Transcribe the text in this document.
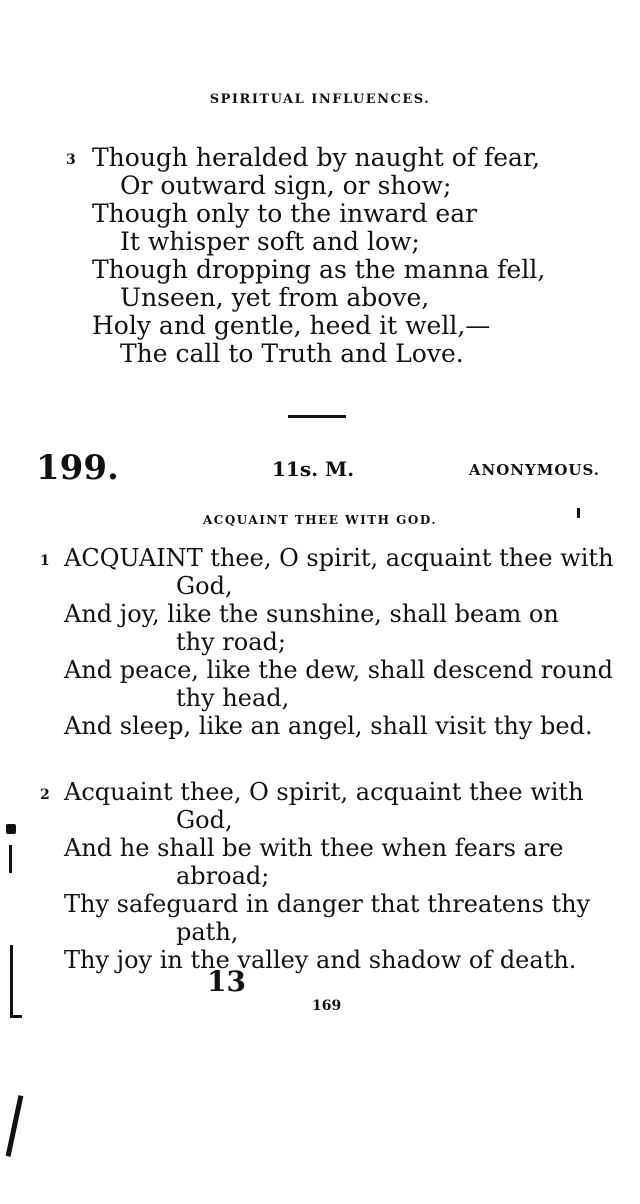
SPIRITUAL INFLUENCES.
3 Though heralded by naught of fear,
Or outward sign, or show;
Though only to the inward ear
It whisper soft and low;
Though dropping as the manna fell,
Unseen, yet from above,
Holy and gentle, heed it well,—
The call to Truth and Love.
199.	11s. M.	ANONYMOUS.
ACQUAINT THEE WITH GOD.
1 ACQUAINT thee, O spirit, acquaint thee with
God,
And joy, like the sunshine, shall beam on
thy road;
And peace, like the dew, shall descend round
thy head,
And sleep, like an angel, shall visit thy bed.
2 Acquaint thee, O spirit, acquaint thee with
God,
And he shall be with thee when fears are
abroad;
Thy safeguard in danger that threatens thy
path,
Thy joy in the valley and shadow of death.
13
169
